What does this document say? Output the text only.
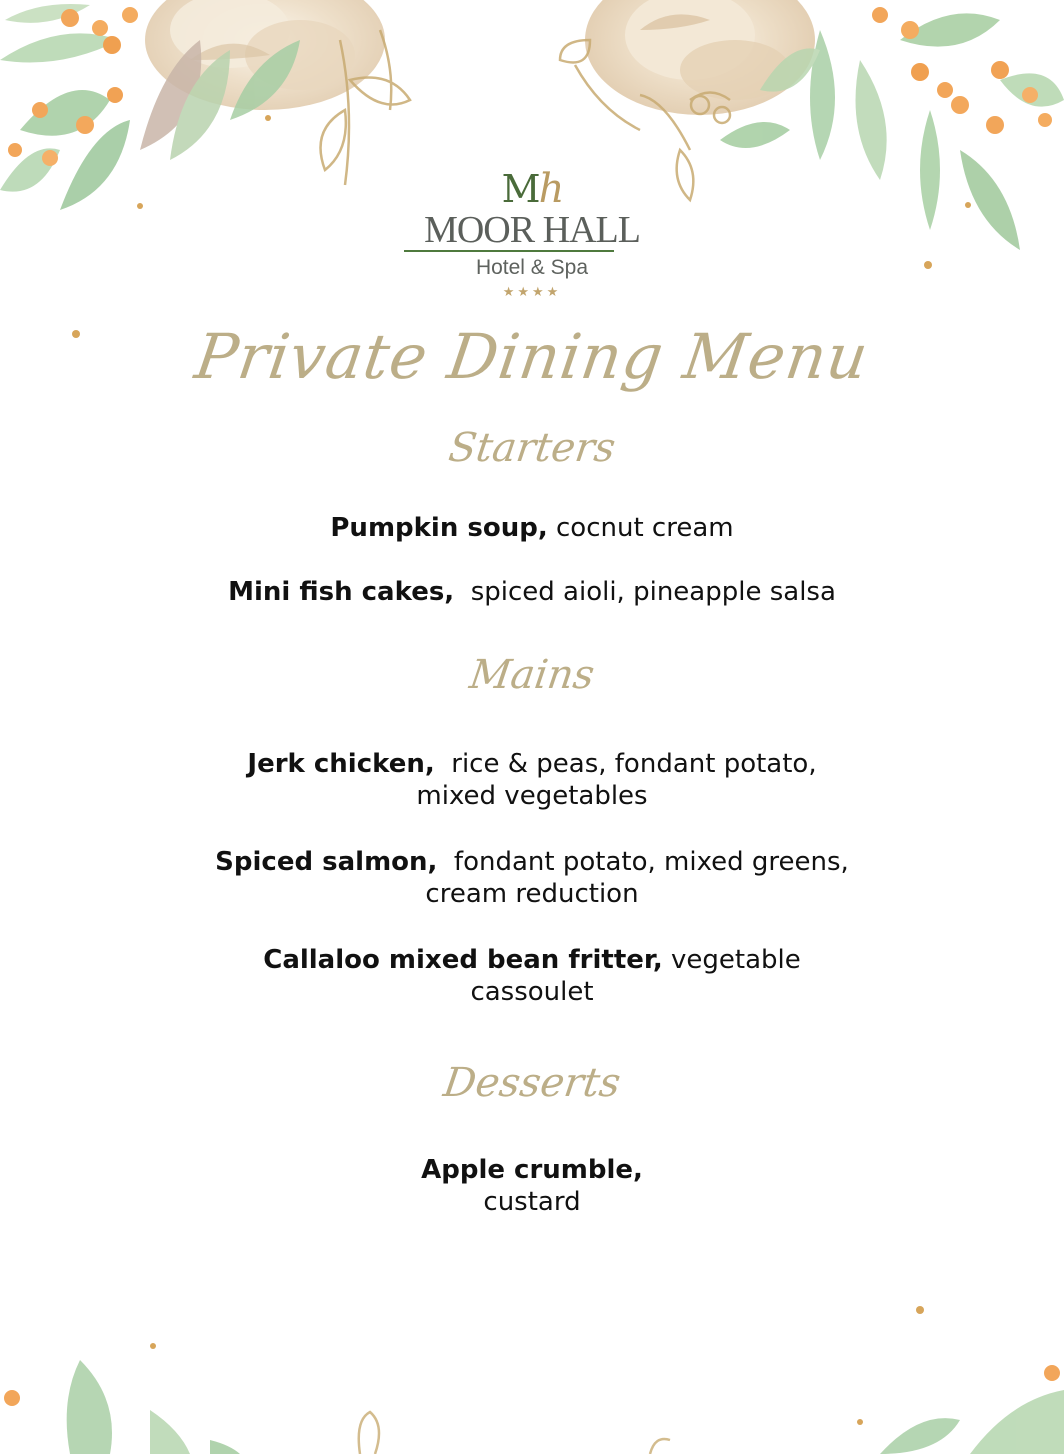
Mh
MOOR HALL
Hotel & Spa
★★★★
Private Dining Menu
Starters
Pumpkin soup, cocnut cream
Mini fish cakes,  spiced aioli, pineapple salsa
Mains
Jerk chicken,  rice & peas, fondant potato,
mixed vegetables
Spiced salmon,  fondant potato, mixed greens,
cream reduction
Callaloo mixed bean fritter, vegetable
cassoulet
Desserts
Apple crumble,
custard
